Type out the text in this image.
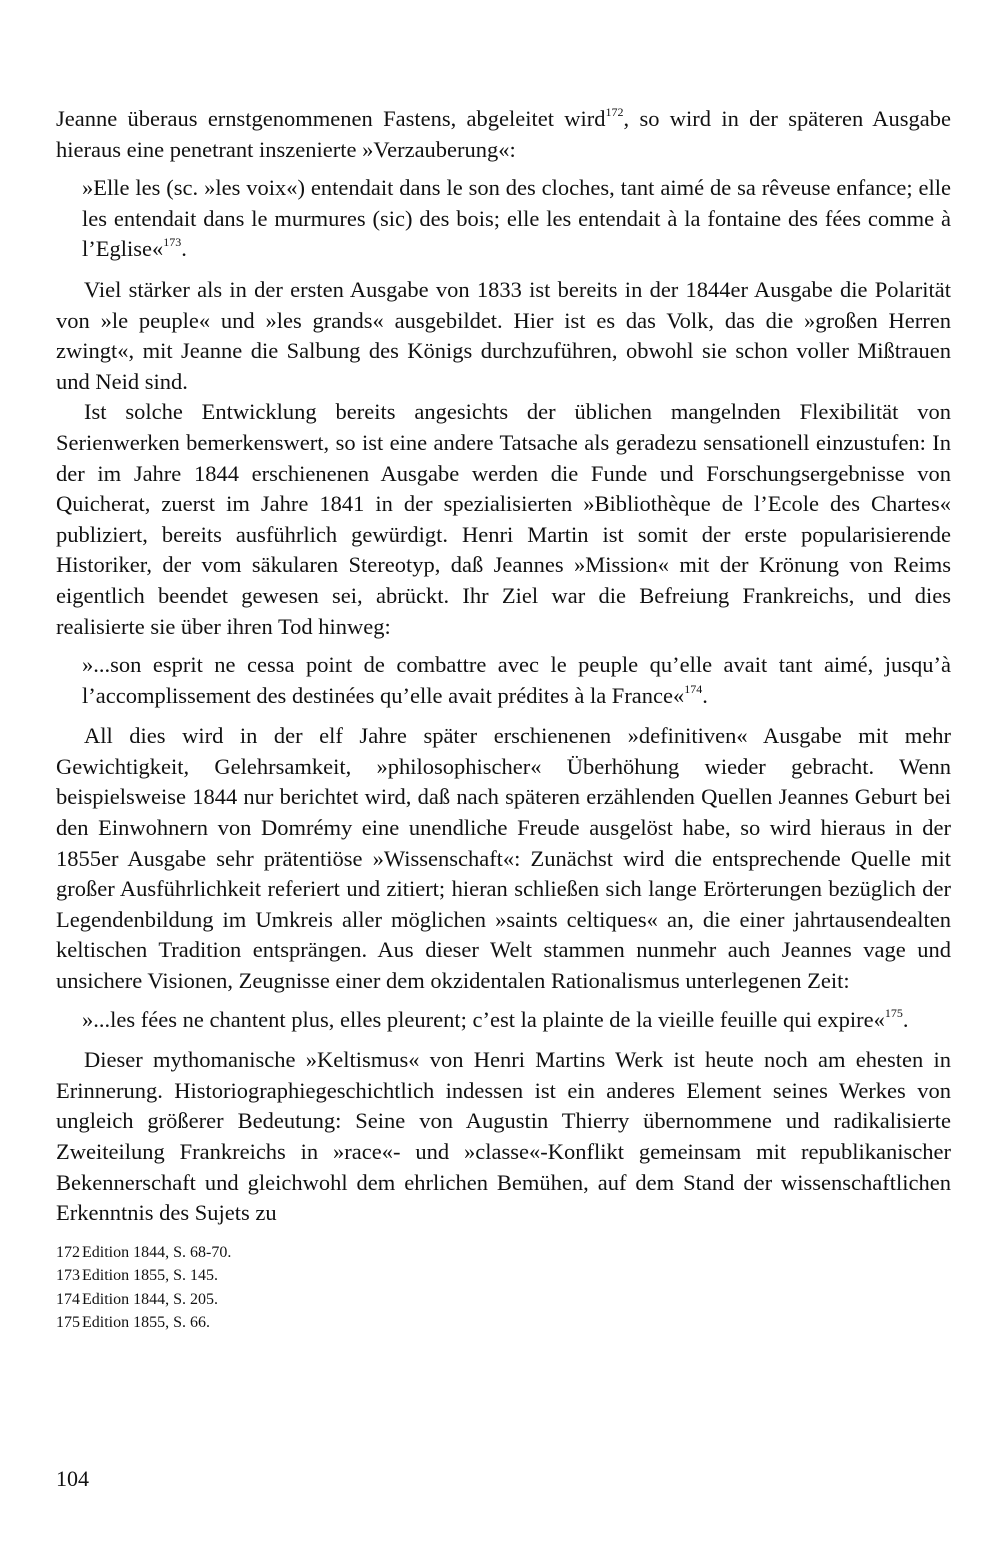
Jeanne überaus ernstgenommenen Fastens, abgeleitet wird$^{172}$, so wird in der späteren Ausgabe hieraus eine penetrant inszenierte »Verzauberung«:

»Elle les (sc. »les voix«) entendait dans le son des cloches, tant aimé de sa rêveuse enfance; elle les entendait dans le murmures (sic) des bois; elle les entendait à la fontaine des fées comme à l’Eglise«$^{173}$.

Viel stärker als in der ersten Ausgabe von 1833 ist bereits in der 1844er Ausgabe die Polarität von »le peuple« und »les grands« ausgebildet. Hier ist es das Volk, das die »großen Herren zwingt«, mit Jeanne die Salbung des Königs durchzuführen, obwohl sie schon voller Mißtrauen und Neid sind.

Ist solche Entwicklung bereits angesichts der üblichen mangelnden Flexibilität von Serienwerken bemerkenswert, so ist eine andere Tatsache als geradezu sensationell einzustufen: In der im Jahre 1844 erschienenen Ausgabe werden die Funde und Forschungsergebnisse von Quicherat, zuerst im Jahre 1841 in der spezialisierten »Bibliothèque de l’Ecole des Chartes« publiziert, bereits ausführlich gewürdigt. Henri Martin ist somit der erste popularisierende Historiker, der vom säkularen Stereotyp, daß Jeannes »Mission« mit der Krönung von Reims eigentlich beendet gewesen sei, abrückt. Ihr Ziel war die Befreiung Frankreichs, und dies realisierte sie über ihren Tod hinweg:

»...son esprit ne cessa point de combattre avec le peuple qu’elle avait tant aimé, jusqu’à l’accomplissement des destinées qu’elle avait prédites à la France«$^{174}$.

All dies wird in der elf Jahre später erschienenen »definitiven« Ausgabe mit mehr Gewichtigkeit, Gelehrsamkeit, »philosophischer« Überhöhung wieder gebracht. Wenn beispielsweise 1844 nur berichtet wird, daß nach späteren erzählenden Quellen Jeannes Geburt bei den Einwohnern von Domrémy eine unendliche Freude ausgelöst habe, so wird hieraus in der 1855er Ausgabe sehr prätentiöse »Wissenschaft«: Zunächst wird die entsprechende Quelle mit großer Ausführlichkeit referiert und zitiert; hieran schließen sich lange Erörterungen bezüglich der Legendenbildung im Umkreis aller möglichen »saints celtiques« an, die einer jahrtausendealten keltischen Tradition entsprängen. Aus dieser Welt stammen nunmehr auch Jeannes vage und unsichere Visionen, Zeugnisse einer dem okzidentalen Rationalismus unterlegenen Zeit:

»...les fées ne chantent plus, elles pleurent; c’est la plainte de la vieille feuille qui expire«$^{175}$.

Dieser mythomanische »Keltismus« von Henri Martins Werk ist heute noch am ehesten in Erinnerung. Historiographiegeschichtlich indessen ist ein anderes Element seines Werkes von ungleich größerer Bedeutung: Seine von Augustin Thierry übernommene und radikalisierte Zweiteilung Frankreichs in »race«- und »classe«-Konflikt gemeinsam mit republikanischer Bekennerschaft und gleichwohl dem ehrlichen Bemühen, auf dem Stand der wissenschaftlichen Erkenntnis des Sujets zu

172 Edition 1844, S. 68-70.
173 Edition 1855, S. 145.
174 Edition 1844, S. 205.
175 Edition 1855, S. 66.
104
